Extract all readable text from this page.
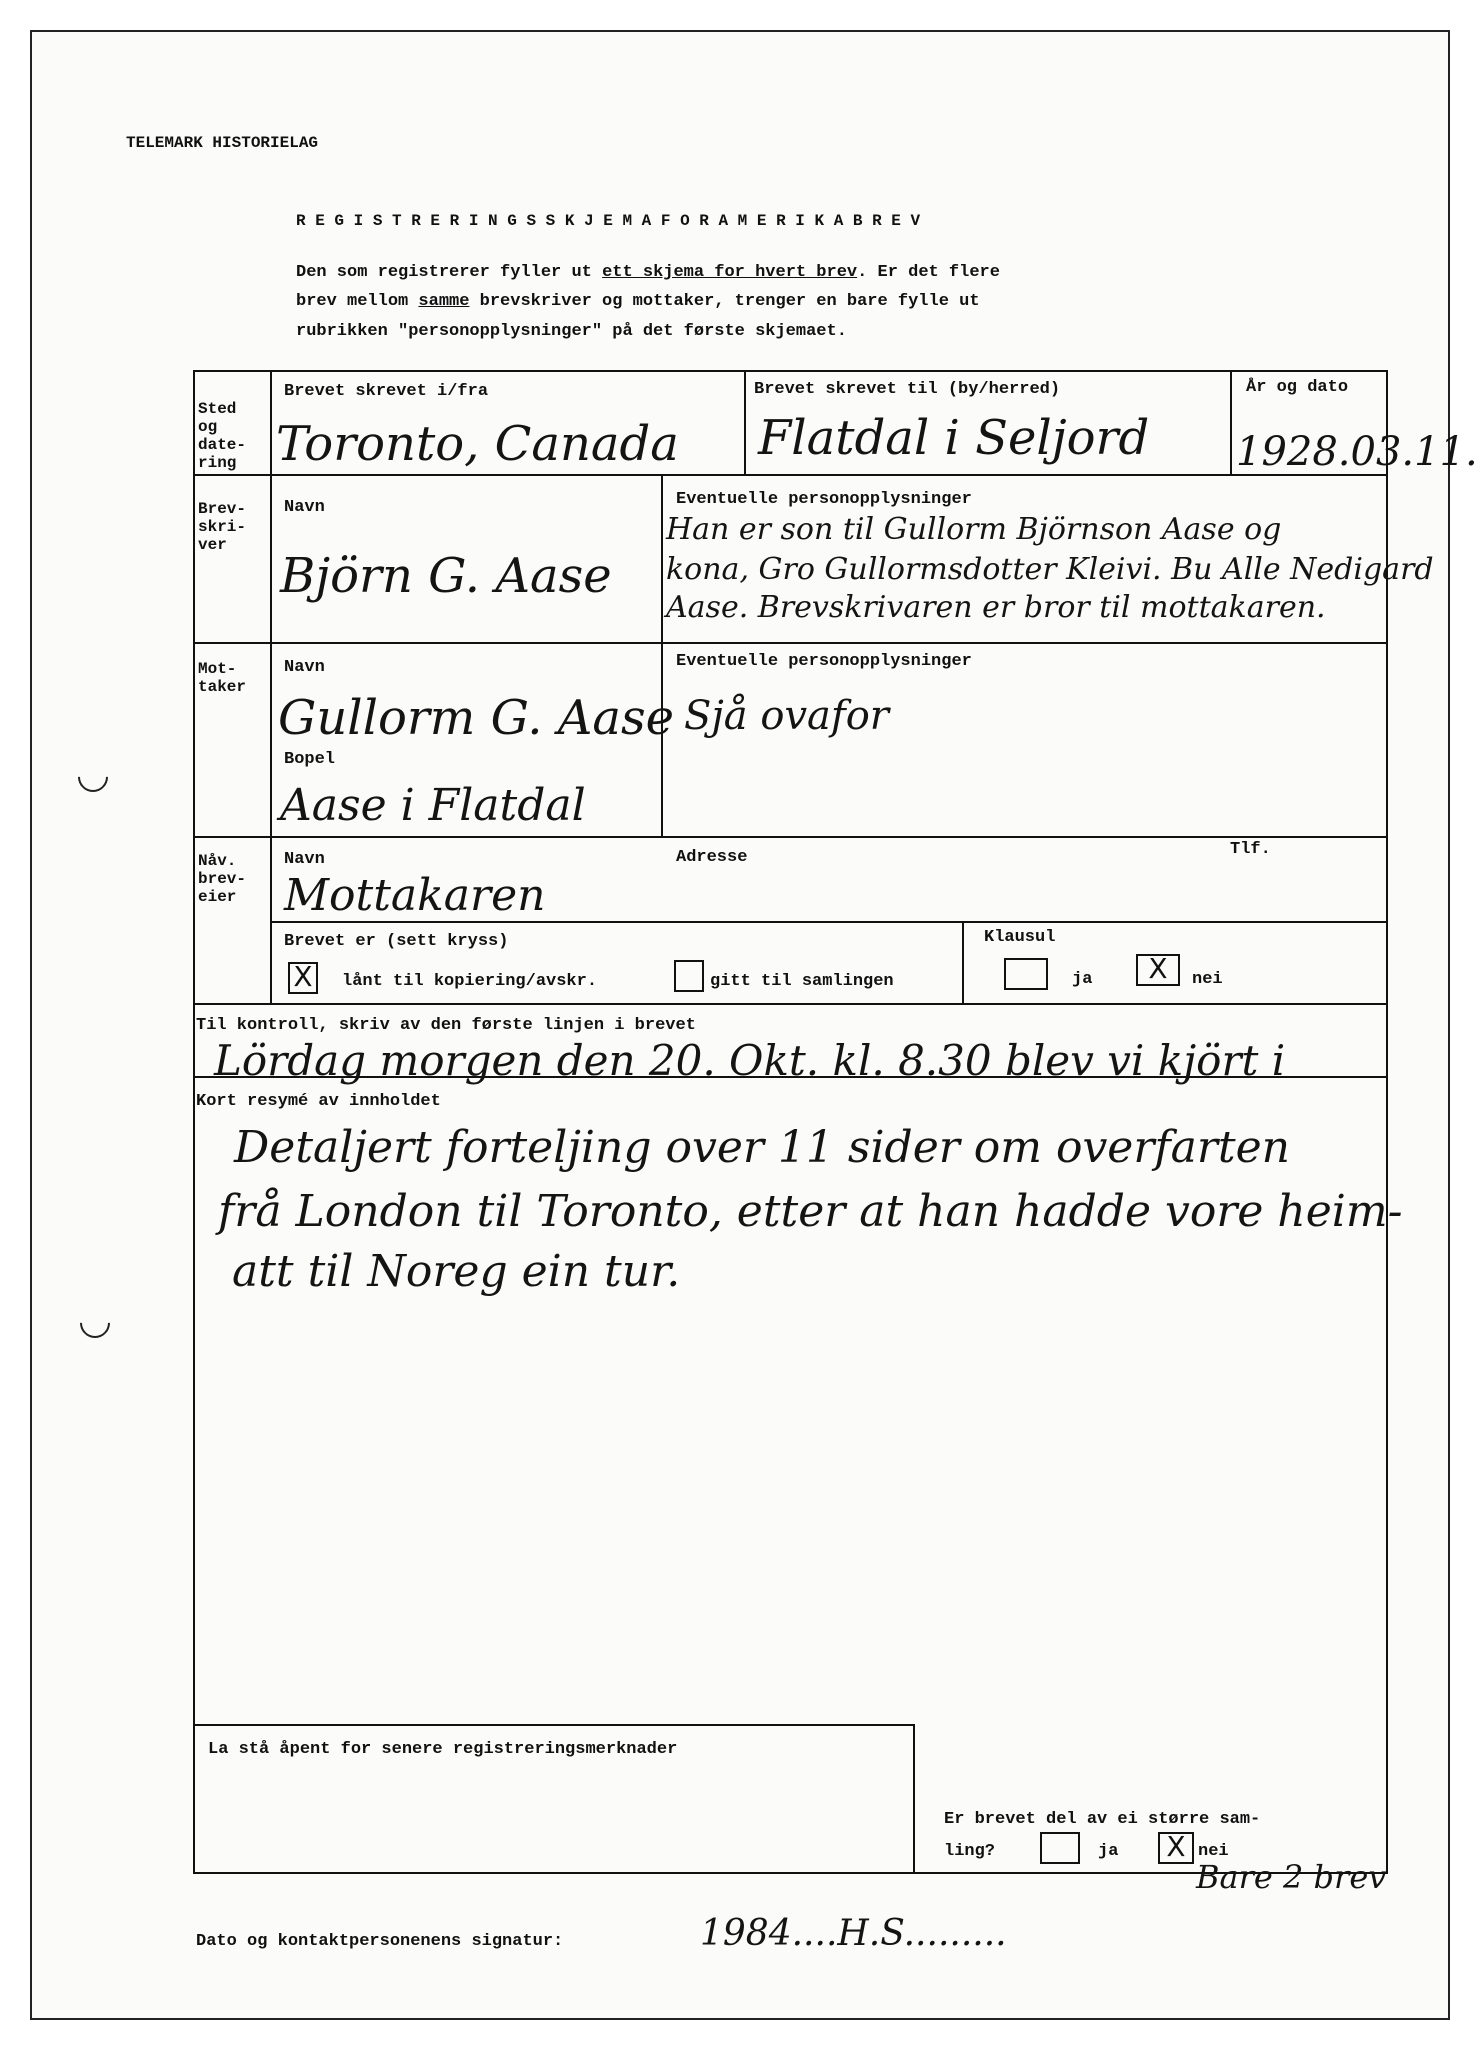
TELEMARK HISTORIELAG
R E G I S T R E R I N G S S K J E M A F O R A M E R I K A B R E V
Den som registrerer fyller ut ett skjema for hvert brev. Er det flere
brev mellom samme brevskriver og mottaker, trenger en bare fylle ut
rubrikken "personopplysninger" på det første skjemaet.
Sted
og
date-
ring
Brevet skrevet i/fra
Toronto, Canada
Brevet skrevet til (by/herred)
Flatdal i Seljord
År og dato
1928.03.11.
Brev-
skri-
ver
Navn
Björn G. Aase
Eventuelle personopplysninger
Han er son til Gullorm Björnson Aase og
kona, Gro Gullormsdotter Kleivi. Bu Alle Nedigard
Aase. Brevskrivaren er bror til mottakaren.
Mot-
taker
Navn
Gullorm G. Aase
Bopel
Aase i Flatdal
Eventuelle personopplysninger
Sjå ovafor
Nåv.
brev-
eier
Navn
Mottakaren
Adresse	Tlf.
Brevet er (sett kryss)
X	lånt til kopiering/avskr.	gitt til samlingen
Klausul
ja	X	nei
Til kontroll, skriv av den første linjen i brevet
Lördag morgen den 20. Okt. kl. 8.30 blev vi kjört i
Kort resymé av innholdet
Detaljert forteljing over 11 sider om overfarten
frå London til Toronto, etter at han hadde vore heim-
att til Noreg ein tur.
La stå åpent for senere registreringsmerknader
Er brevet del av ei større sam-
ling?	ja	X nei
Bare 2 brev
Dato og kontaktpersonenens signatur:	1984....H.S.........
